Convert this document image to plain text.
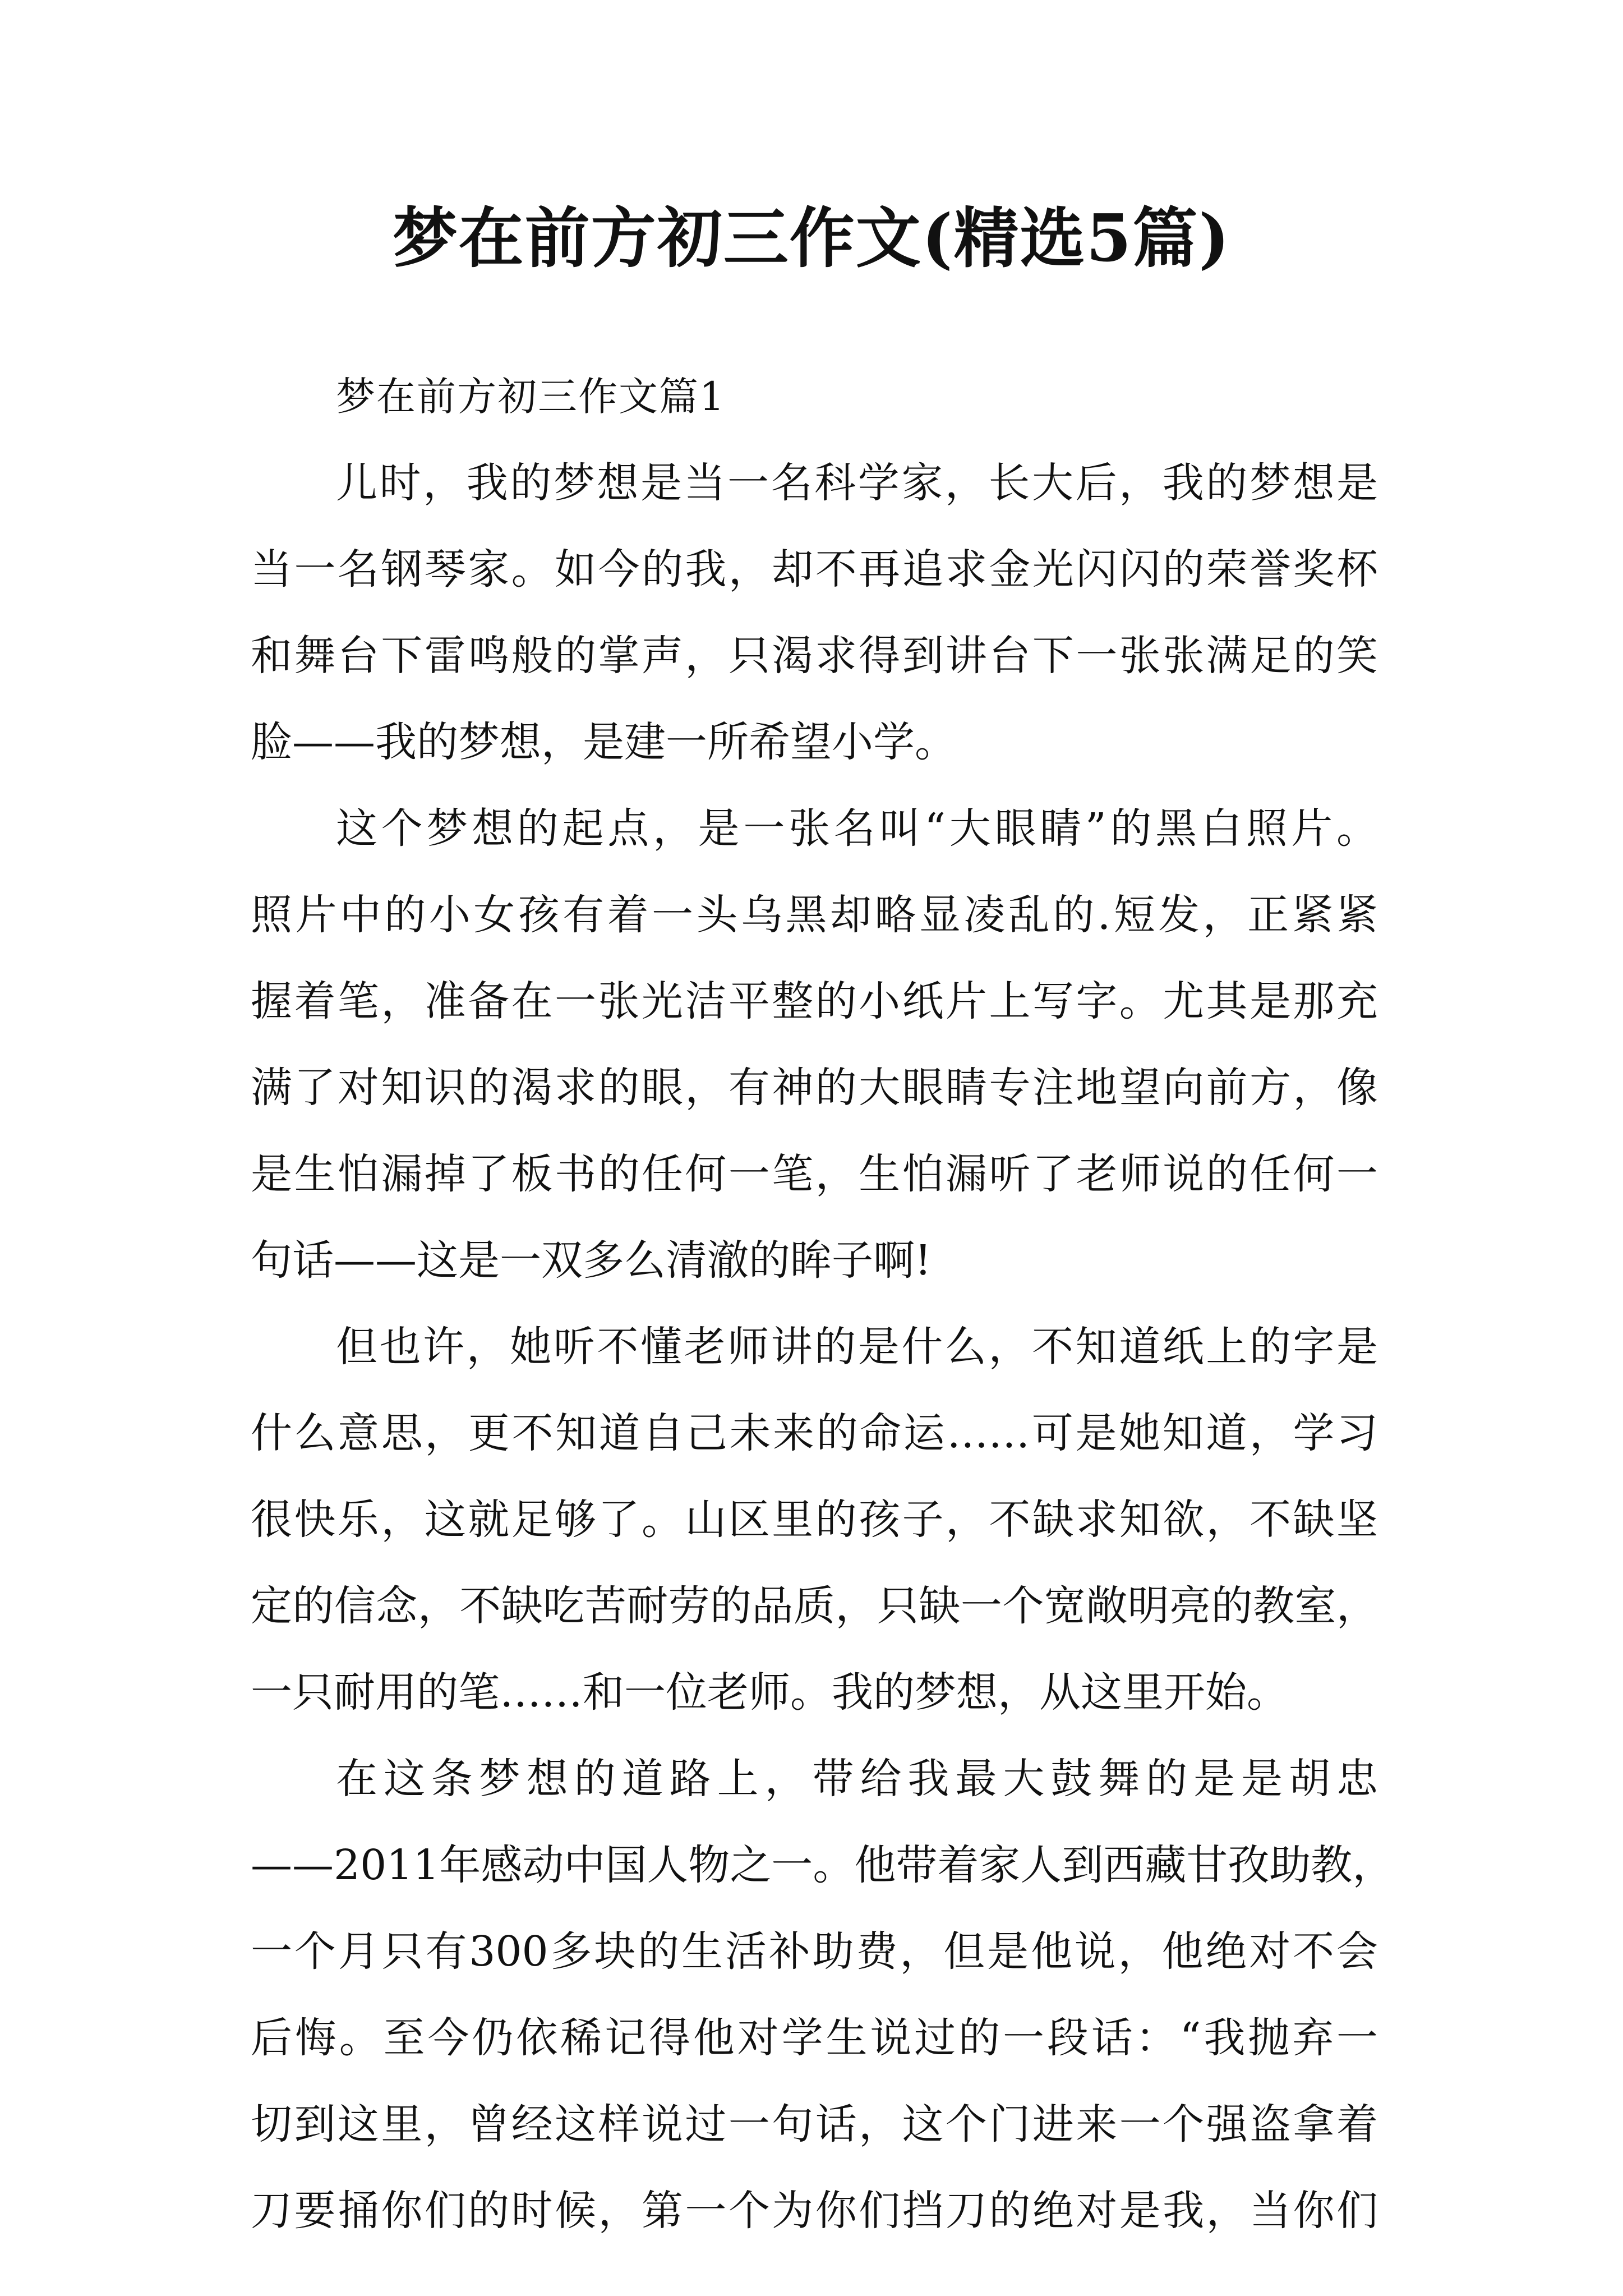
梦在前方初三作文(精选5篇)
梦在前方初三作文篇1
儿时，我的梦想是当一名科学家，长大后，我的梦想是
当一名钢琴家。如今的我，却不再追求金光闪闪的荣誉奖杯
和舞台下雷鸣般的掌声，只渴求得到讲台下一张张满足的笑
脸——我的梦想，是建一所希望小学。
这个梦想的起点，是一张名叫“大眼睛”的黑白照片。
照片中的小女孩有着一头乌黑却略显凌乱的.短发，正紧紧
握着笔，准备在一张光洁平整的小纸片上写字。尤其是那充
满了对知识的渴求的眼，有神的大眼睛专注地望向前方，像
是生怕漏掉了板书的任何一笔，生怕漏听了老师说的任何一
句话——这是一双多么清澈的眸子啊!
但也许，她听不懂老师讲的是什么，不知道纸上的字是
什么意思，更不知道自己未来的命运……可是她知道，学习
很快乐，这就足够了。山区里的孩子，不缺求知欲，不缺坚
定的信念，不缺吃苦耐劳的品质，只缺一个宽敞明亮的教室，
一只耐用的笔……和一位老师。我的梦想，从这里开始。
在这条梦想的道路上，带给我最大鼓舞的是是胡忠
——2011年感动中国人物之一。他带着家人到西藏甘孜助教，
一个月只有300多块的生活补助费，但是他说，他绝对不会
后悔。至今仍依稀记得他对学生说过的一段话：“我抛弃一
切到这里，曾经这样说过一句话，这个门进来一个强盗拿着
刀要捅你们的时候，第一个为你们挡刀的绝对是我，当你们
